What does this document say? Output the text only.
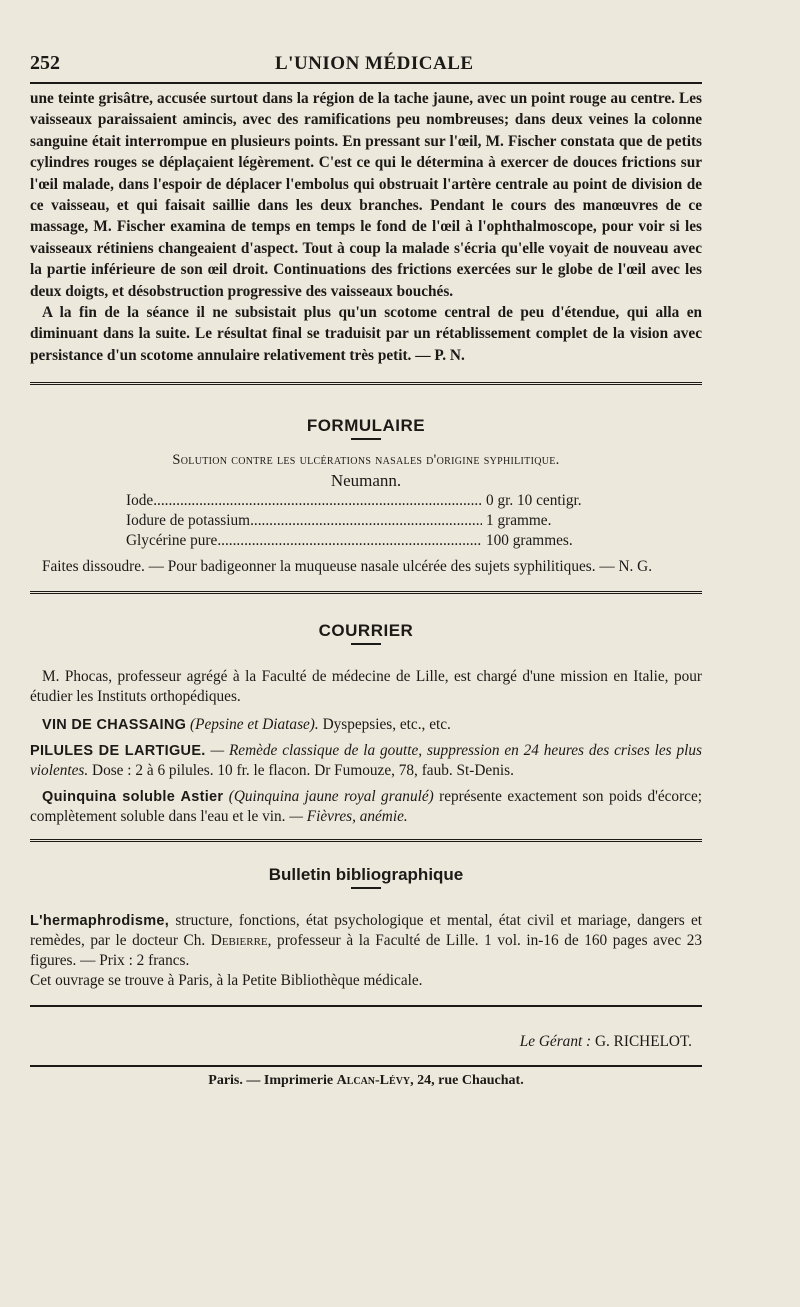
252	L'UNION MÉDICALE

une teinte grisâtre, accusée surtout dans la région de la tache jaune, avec un point rouge au centre. Les vaisseaux paraissaient amincis, avec des ramifications peu nombreuses; dans deux veines la colonne sanguine était interrompue en plusieurs points. En pressant sur l'œil, M. Fischer constata que de petits cylindres rouges se déplaçaient légèrement. C'est ce qui le détermina à exercer de douces frictions sur l'œil malade, dans l'espoir de déplacer l'embolus qui obstruait l'artère centrale au point de division de ce vaisseau, et qui faisait saillie dans les deux branches. Pendant le cours des manœuvres de ce massage, M. Fischer examina de temps en temps le fond de l'œil à l'ophthalmoscope, pour voir si les vaisseaux rétiniens changeaient d'aspect. Tout à coup la malade s'écria qu'elle voyait de nouveau avec la partie inférieure de son œil droit. Continuations des frictions exercées sur le globe de l'œil avec les deux doigts, et désobstruction progressive des vaisseaux bouchés.

A la fin de la séance il ne subsistait plus qu'un scotome central de peu d'étendue, qui alla en diminuant dans la suite. Le résultat final se traduisit par un rétablissement complet de la vision avec persistance d'un scotome annulaire relativement très petit. — P. N.

FORMULAIRE
Solution contre les ulcérations nasales d'origine syphilitique.
Neumann.
Iode .....	0 gr. 10 centigr.
Iodure de potassium .....	1 gramme.
Glycérine pure .....	100 grammes.

Faites dissoudre. — Pour badigeonner la muqueuse nasale ulcérée des sujets syphilitiques. — N. G.

COURRIER

M. Phocas, professeur agrégé à la Faculté de médecine de Lille, est chargé d'une mission en Italie, pour étudier les Instituts orthopédiques.

VIN DE CHASSAING (Pepsine et Diatase). Dyspepsies, etc., etc.

PILULES DE LARTIGUE. — Remède classique de la goutte, suppression en 24 heures des crises les plus violentes. Dose : 2 à 6 pilules. 10 fr. le flacon. Dr Fumouze, 78, faub. St-Denis.

Quinquina soluble Astier (Quinquina jaune royal granulé) représente exactement son poids d'écorce; complètement soluble dans l'eau et le vin. — Fièvres, anémie.

Bulletin bibliographique

L'hermaphrodisme, structure, fonctions, état psychologique et mental, état civil et mariage, dangers et remèdes, par le docteur Ch. Debierre, professeur à la Faculté de Lille. 1 vol. in-16 de 160 pages avec 23 figures. — Prix : 2 francs.

Cet ouvrage se trouve à Paris, à la Petite Bibliothèque médicale.

Le Gérant : G. RICHELOT.
Paris. — Imprimerie Alcan-Lévy, 24, rue Chauchat.
